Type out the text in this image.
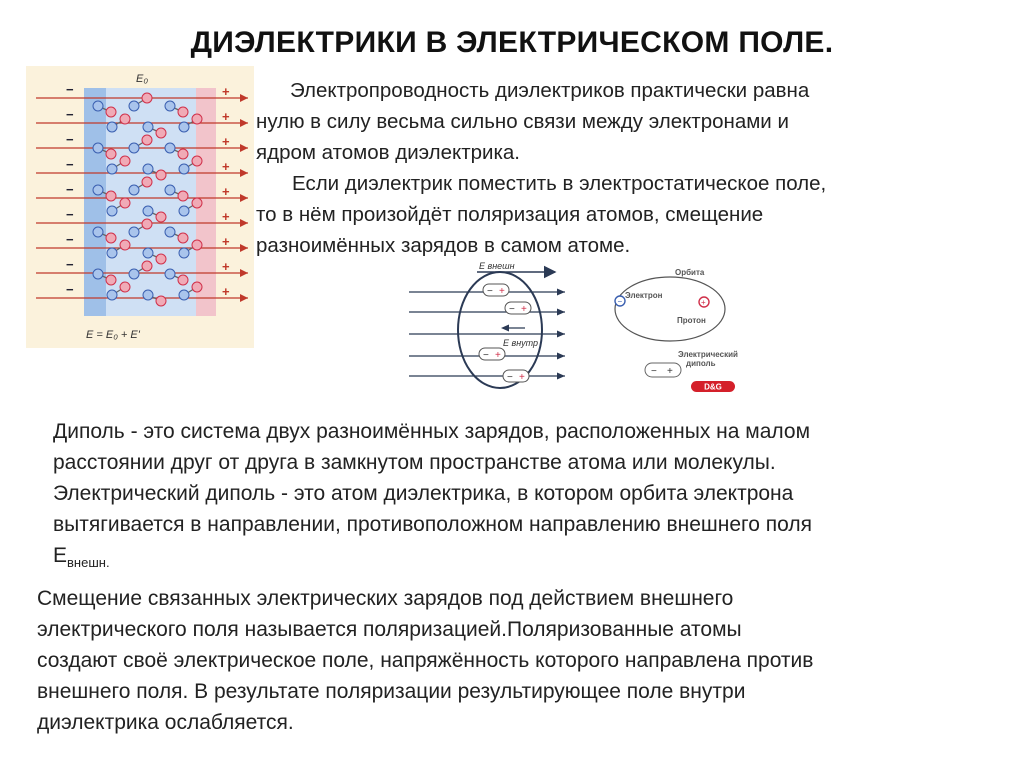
ДИЭЛЕКТРИКИ В ЭЛЕКТРИЧЕСКОМ ПОЛЕ.
−	+
−	+
−	+
−	+
−	+
−	+
−	+
−	+
−	+
E₀
E = E₀ + E'
E внешн
− +
− +
− +
− +
E внутр
−	+
Орбита
Электрон
Протон
Электрический
диполь
− +
D&G
Электропроводность диэлектриков практически равна
нулю в силу весьма сильно связи между электронами и
ядром атомов диэлектрика.
Если диэлектрик поместить в электростатическое поле,
то в нём произойдёт поляризация атомов, смещение
разноимённых зарядов в самом атоме.
Диполь - это система двух разноимённых зарядов, расположенных на малом
расстоянии друг от друга в замкнутом пространстве атома или молекулы.
Электрический диполь - это атом диэлектрика, в котором орбита электрона
вытягивается в направлении, противоположном направлению внешнего поля
$Е_{внешн.}$
Смещение связанных электрических зарядов под действием внешнего
электрического поля называется поляризацией.Поляризованные атомы
создают своё электрическое поле, напряжённость которого направлена против
внешнего поля. В результате поляризации результирующее поле внутри
диэлектрика ослабляется.
